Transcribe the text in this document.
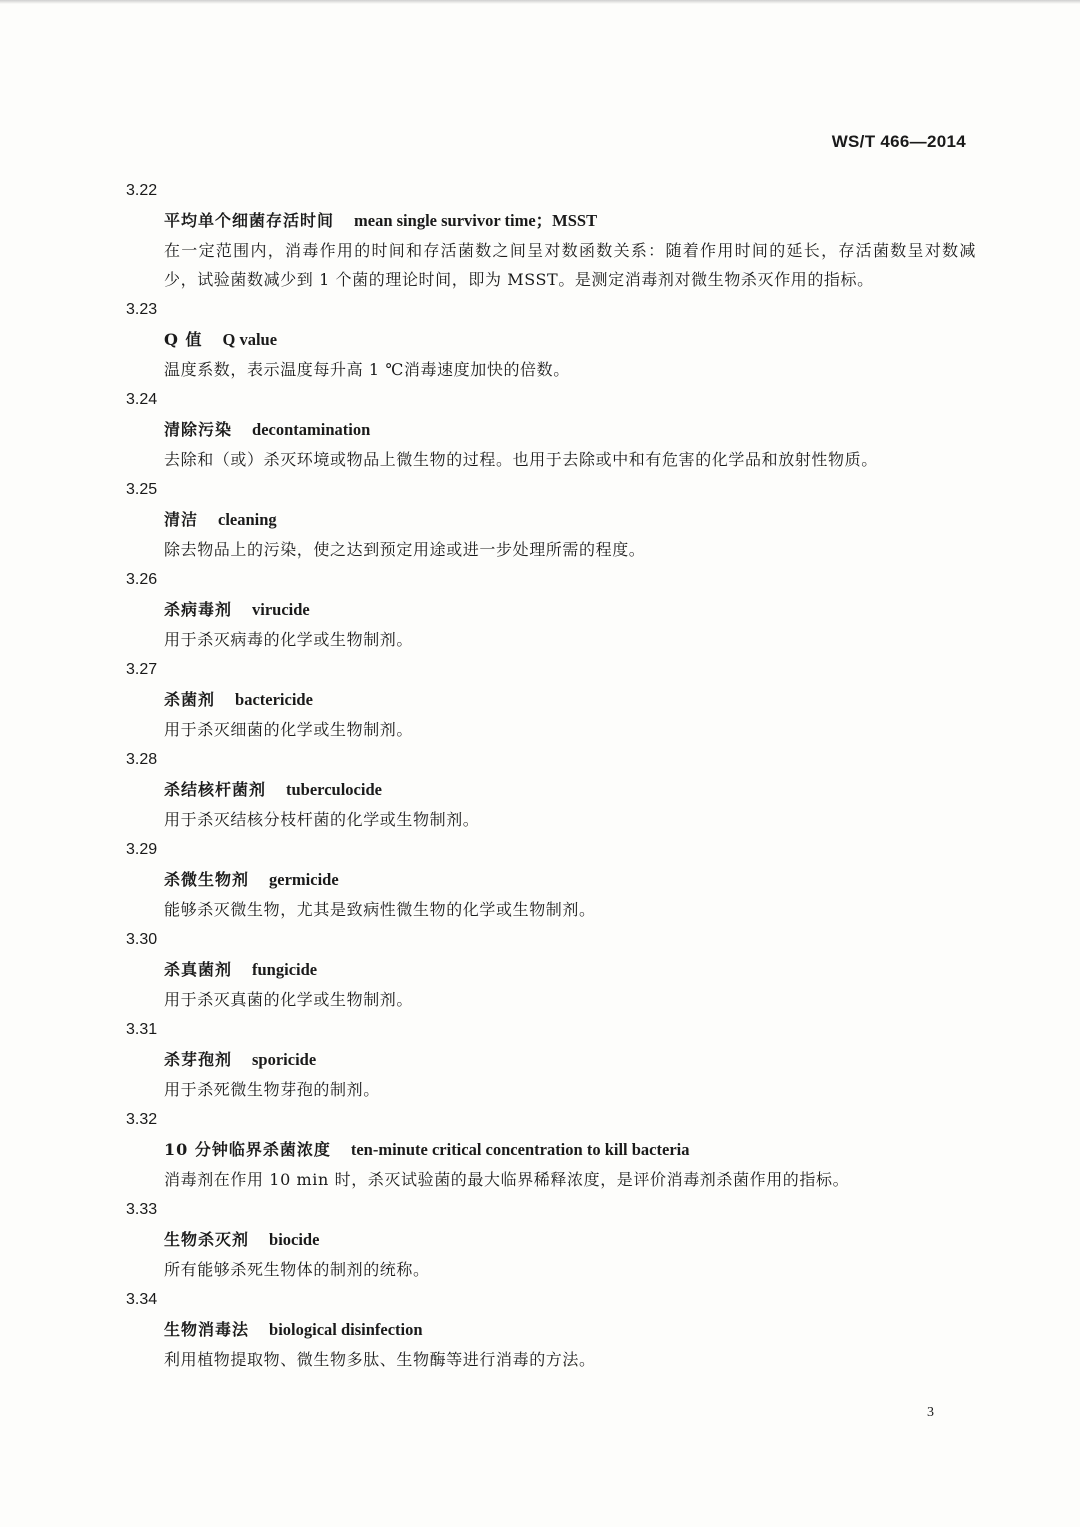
WS/T 466—2014
3.22
平均单个细菌存活时间 mean single survivor time；MSST
在一定范围内，消毒作用的时间和存活菌数之间呈对数函数关系：随着作用时间的延长，存活菌数呈对数减少，试验菌数减少到 1 个菌的理论时间，即为 MSST。是测定消毒剂对微生物杀灭作用的指标。
3.23
Q 值 Q value
温度系数，表示温度每升高 1 ℃消毒速度加快的倍数。
3.24
清除污染 decontamination
去除和（或）杀灭环境或物品上微生物的过程。也用于去除或中和有危害的化学品和放射性物质。
3.25
清洁 cleaning
除去物品上的污染，使之达到预定用途或进一步处理所需的程度。
3.26
杀病毒剂 virucide
用于杀灭病毒的化学或生物制剂。
3.27
杀菌剂 bactericide
用于杀灭细菌的化学或生物制剂。
3.28
杀结核杆菌剂 tuberculocide
用于杀灭结核分枝杆菌的化学或生物制剂。
3.29
杀微生物剂 germicide
能够杀灭微生物，尤其是致病性微生物的化学或生物制剂。
3.30
杀真菌剂 fungicide
用于杀灭真菌的化学或生物制剂。
3.31
杀芽孢剂 sporicide
用于杀死微生物芽孢的制剂。
3.32
10 分钟临界杀菌浓度 ten-minute critical concentration to kill bacteria
消毒剂在作用 10 min 时，杀灭试验菌的最大临界稀释浓度，是评价消毒剂杀菌作用的指标。
3.33
生物杀灭剂 biocide
所有能够杀死生物体的制剂的统称。
3.34
生物消毒法 biological disinfection
利用植物提取物、微生物多肽、生物酶等进行消毒的方法。
3
